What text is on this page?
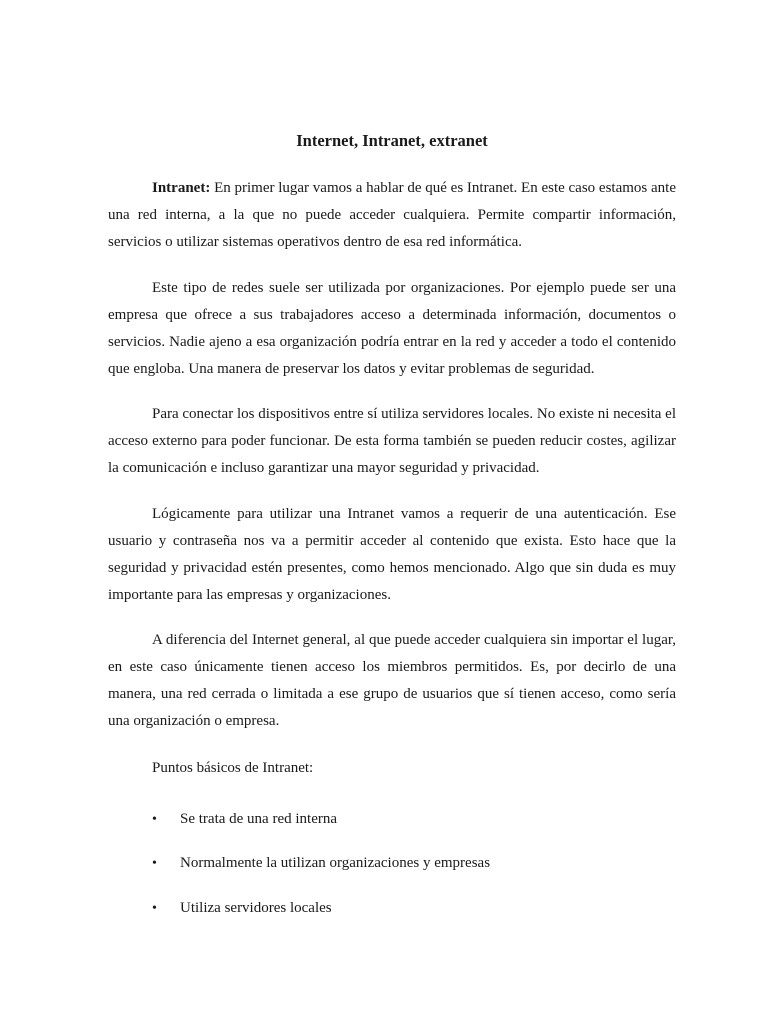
Internet, Intranet, extranet

Intranet: En primer lugar vamos a hablar de qué es Intranet. En este caso estamos ante una red interna, a la que no puede acceder cualquiera. Permite compartir información, servicios o utilizar sistemas operativos dentro de esa red informática.

Este tipo de redes suele ser utilizada por organizaciones. Por ejemplo puede ser una empresa que ofrece a sus trabajadores acceso a determinada información, documentos o servicios. Nadie ajeno a esa organización podría entrar en la red y acceder a todo el contenido que engloba. Una manera de preservar los datos y evitar problemas de seguridad.

Para conectar los dispositivos entre sí utiliza servidores locales. No existe ni necesita el acceso externo para poder funcionar. De esta forma también se pueden reducir costes, agilizar la comunicación e incluso garantizar una mayor seguridad y privacidad.

Lógicamente para utilizar una Intranet vamos a requerir de una autenticación. Ese usuario y contraseña nos va a permitir acceder al contenido que exista. Esto hace que la seguridad y privacidad estén presentes, como hemos mencionado. Algo que sin duda es muy importante para las empresas y organizaciones.

A diferencia del Internet general, al que puede acceder cualquiera sin importar el lugar, en este caso únicamente tienen acceso los miembros permitidos. Es, por decirlo de una manera, una red cerrada o limitada a ese grupo de usuarios que sí tienen acceso, como sería una organización o empresa.

Puntos básicos de Intranet:

• Se trata de una red interna
• Normalmente la utilizan organizaciones y empresas
• Utiliza servidores locales
